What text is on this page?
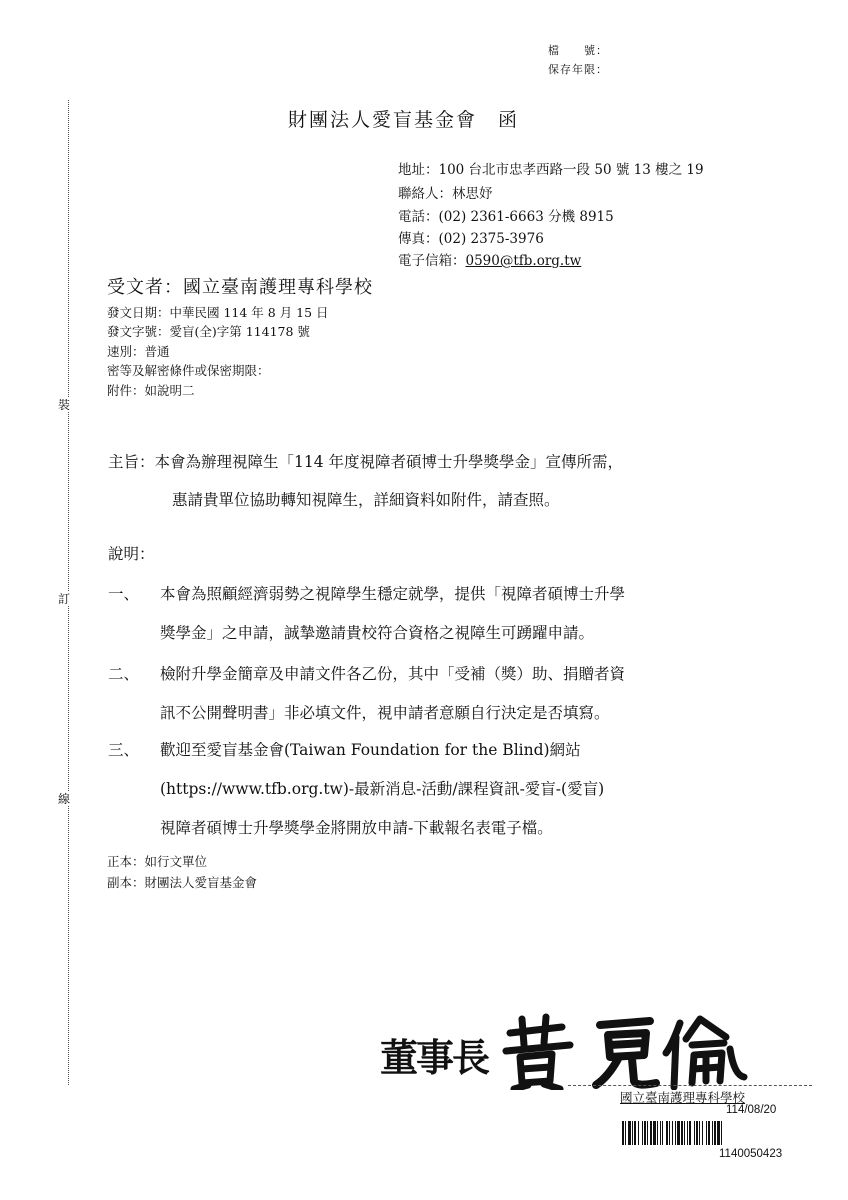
裝
訂
線
檔　　號：
保存年限：
財團法人愛盲基金會　函
地址：100 台北市忠孝西路一段 50 號 13 樓之 19
聯絡人：林思妤
電話：(02) 2361-6663 分機 8915
傳真：(02) 2375-3976
電子信箱：0590@tfb.org.tw
受文者：國立臺南護理專科學校
發文日期：中華民國 114 年 8 月 15 日
發文字號：愛盲(全)字第 114178 號
速別：普通
密等及解密條件或保密期限：
附件：如說明二
主旨：本會為辦理視障生「114 年度視障者碩博士升學獎學金」宣傳所需，
惠請貴單位協助轉知視障生，詳細資料如附件，請查照。
說明：
一、 本會為照顧經濟弱勢之視障學生穩定就學，提供「視障者碩博士升學
獎學金」之申請，誠摯邀請貴校符合資格之視障生可踴躍申請。
二、 檢附升學金簡章及申請文件各乙份，其中「受補（獎）助、捐贈者資
訊不公開聲明書」非必填文件，視申請者意願自行決定是否填寫。
三、 歡迎至愛盲基金會(Taiwan Foundation for the Blind)網站
(https://www.tfb.org.tw)-最新消息-活動/課程資訊-愛盲-(愛盲)
視障者碩博士升學獎學金將開放申請-下載報名表電子檔。
正本：如行文單位
副本：財團法人愛盲基金會
董事長
國立臺南護理專科學校
114/08/20
1140050423
